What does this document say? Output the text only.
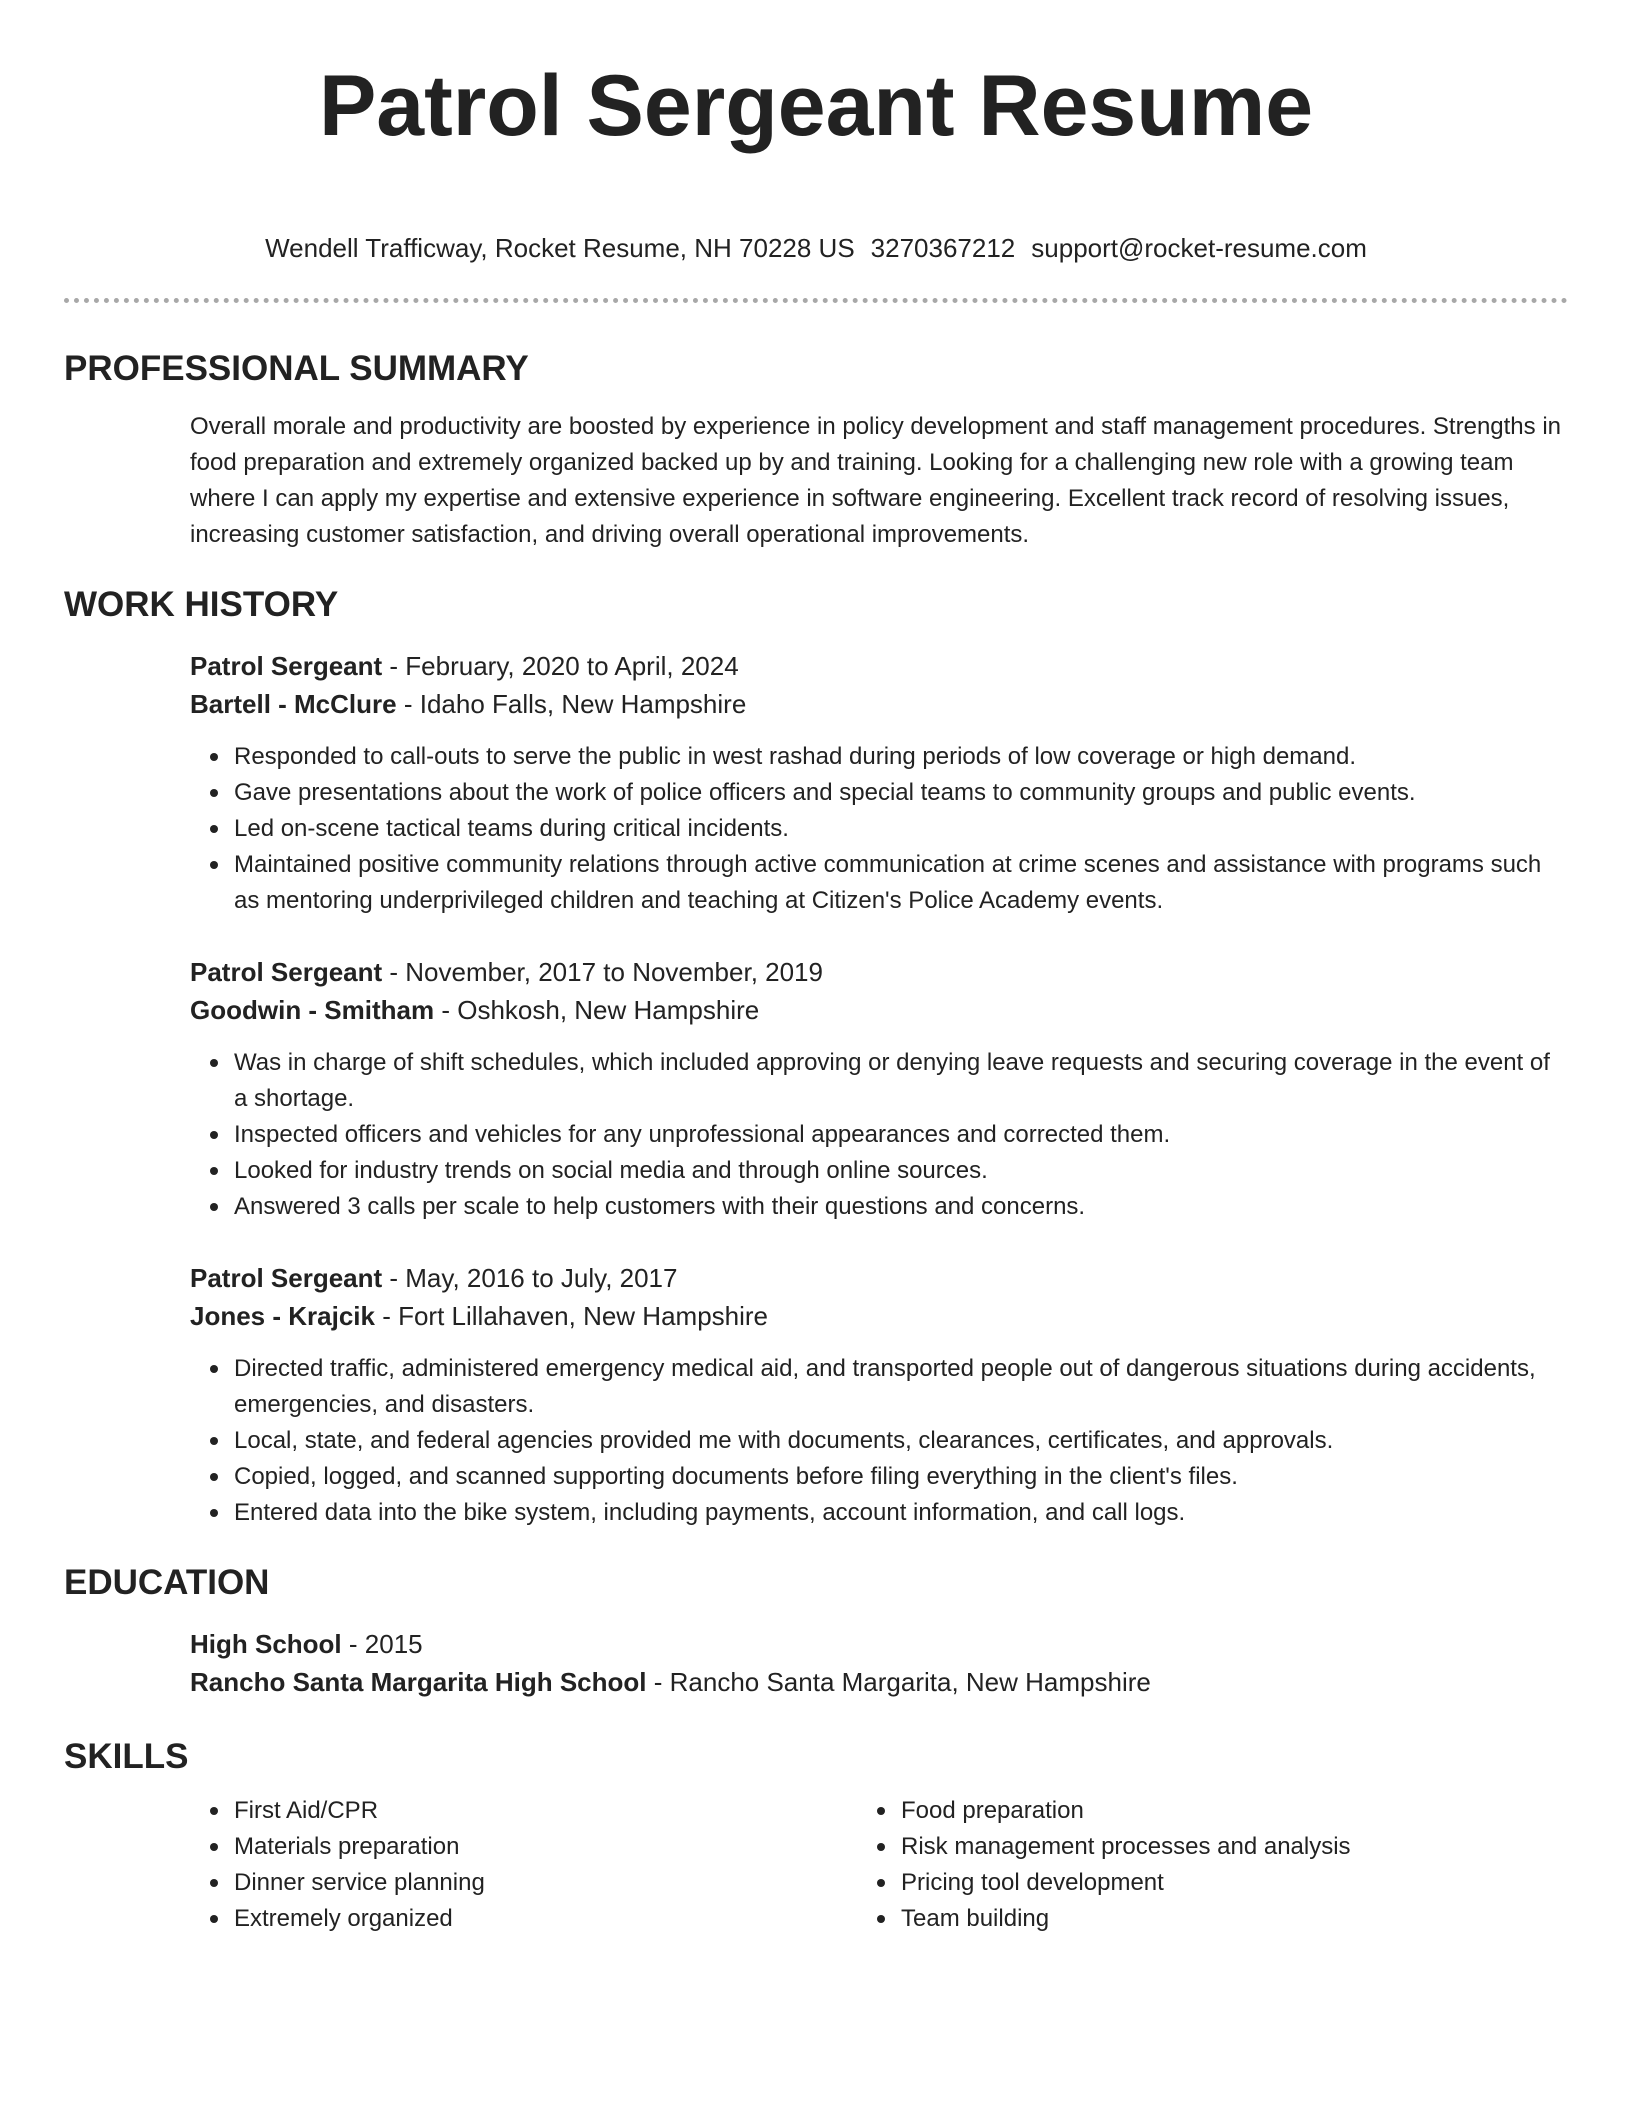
Patrol Sergeant Resume
Wendell Trafficway, Rocket Resume, NH 70228 US 3270367212 support@rocket-resume.com
PROFESSIONAL SUMMARY

Overall morale and productivity are boosted by experience in policy development and staff management procedures. Strengths in food preparation and extremely organized backed up by and training. Looking for a challenging new role with a growing team where I can apply my expertise and extensive experience in software engineering. Excellent track record of resolving issues, increasing customer satisfaction, and driving overall operational improvements.

WORK HISTORY
Patrol Sergeant - February, 2020 to April, 2024
Bartell - McClure - Idaho Falls, New Hampshire
Responded to call-outs to serve the public in west rashad during periods of low coverage or high demand.
Gave presentations about the work of police officers and special teams to community groups and public events.
Led on-scene tactical teams during critical incidents.
Maintained positive community relations through active communication at crime scenes and assistance with programs such as mentoring underprivileged children and teaching at Citizen's Police Academy events.
Patrol Sergeant - November, 2017 to November, 2019
Goodwin - Smitham - Oshkosh, New Hampshire
Was in charge of shift schedules, which included approving or denying leave requests and securing coverage in the event of a shortage.
Inspected officers and vehicles for any unprofessional appearances and corrected them.
Looked for industry trends on social media and through online sources.
Answered 3 calls per scale to help customers with their questions and concerns.
Patrol Sergeant - May, 2016 to July, 2017
Jones - Krajcik - Fort Lillahaven, New Hampshire
Directed traffic, administered emergency medical aid, and transported people out of dangerous situations during accidents, emergencies, and disasters.
Local, state, and federal agencies provided me with documents, clearances, certificates, and approvals.
Copied, logged, and scanned supporting documents before filing everything in the client's files.
Entered data into the bike system, including payments, account information, and call logs.
EDUCATION
High School - 2015
Rancho Santa Margarita High School - Rancho Santa Margarita, New Hampshire
SKILLS
First Aid/CPR
Materials preparation
Dinner service planning
Extremely organized
Food preparation
Risk management processes and analysis
Pricing tool development
Team building
